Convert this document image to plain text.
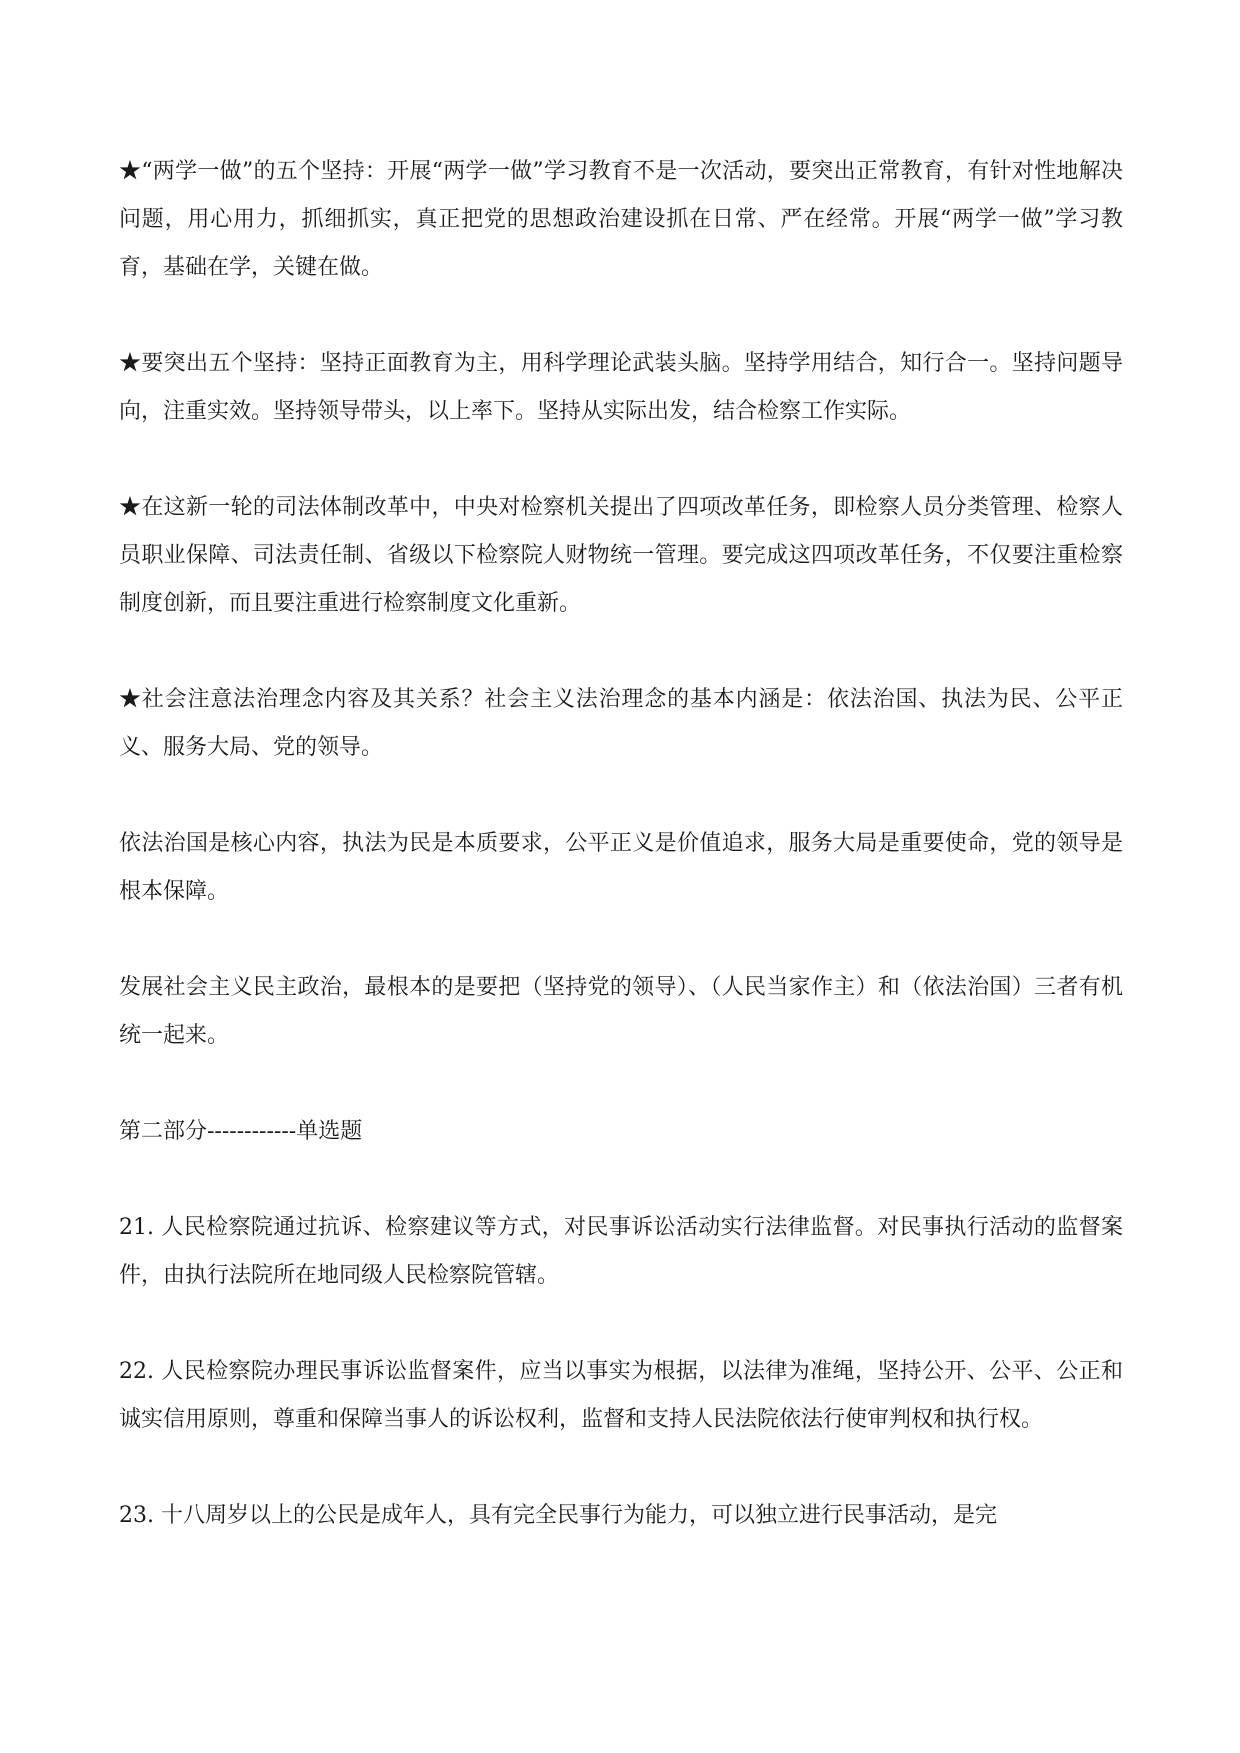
★“两学一做”的五个坚持：开展“两学一做”学习教育不是一次活动，要突出正常教育，有针对性地解决问题，用心用力，抓细抓实，真正把党的思想政治建设抓在日常、严在经常。开展“两学一做”学习教育，基础在学，关键在做。

★要突出五个坚持：坚持正面教育为主，用科学理论武装头脑。坚持学用结合，知行合一。坚持问题导向，注重实效。坚持领导带头，以上率下。坚持从实际出发，结合检察工作实际。

★在这新一轮的司法体制改革中，中央对检察机关提出了四项改革任务，即检察人员分类管理、检察人员职业保障、司法责任制、省级以下检察院人财物统一管理。要完成这四项改革任务，不仅要注重检察制度创新，而且要注重进行检察制度文化重新。

★社会注意法治理念内容及其关系？社会主义法治理念的基本内涵是：依法治国、执法为民、公平正义、服务大局、党的领导。

依法治国是核心内容，执法为民是本质要求，公平正义是价值追求，服务大局是重要使命，党的领导是根本保障。

发展社会主义民主政治，最根本的是要把（坚持党的领导）、（人民当家作主）和（依法治国）三者有机统一起来。

第二部分------------单选题

21. 人民检察院通过抗诉、检察建议等方式，对民事诉讼活动实行法律监督。对民事执行活动的监督案件，由执行法院所在地同级人民检察院管辖。

22. 人民检察院办理民事诉讼监督案件，应当以事实为根据，以法律为准绳，坚持公开、公平、公正和诚实信用原则，尊重和保障当事人的诉讼权利，监督和支持人民法院依法行使审判权和执行权。

23. 十八周岁以上的公民是成年人，具有完全民事行为能力，可以独立进行民事活动，是完
